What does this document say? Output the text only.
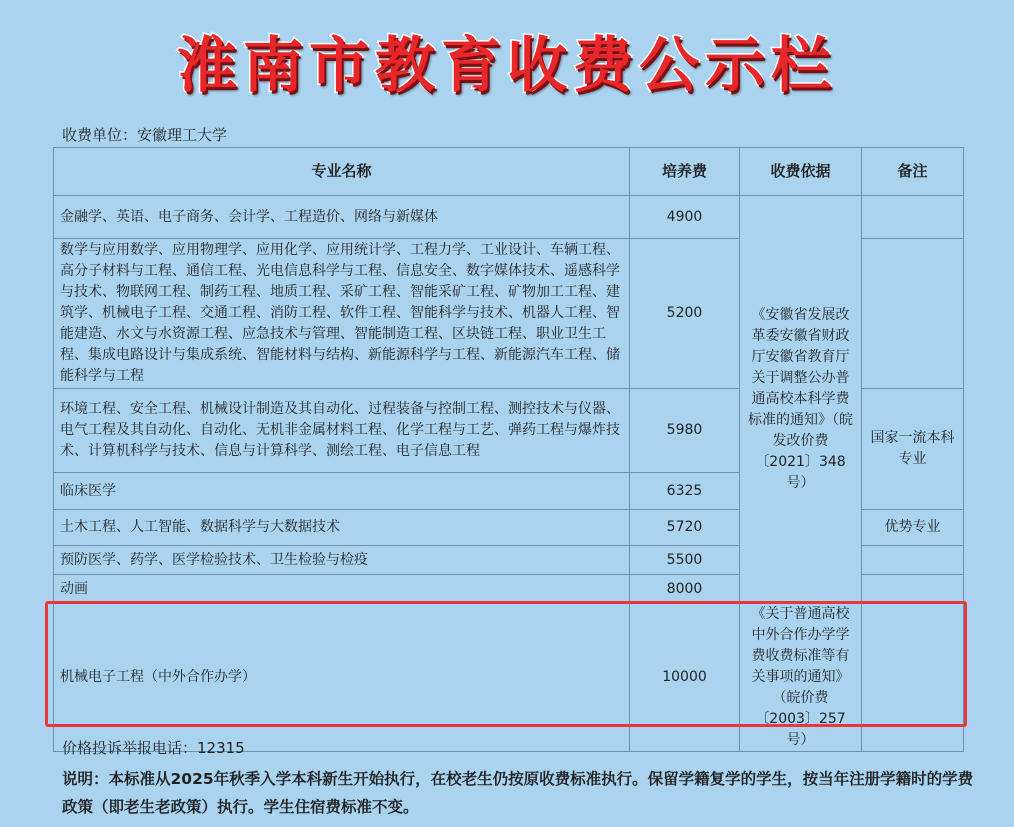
淮南市教育收费公示栏
收费单位：安徽理工大学
专业名称	培养费	收费依据	备注
金融学、英语、电子商务、会计学、工程造价、网络与新媒体	4900	《安徽省发展改革委安徽省财政厅安徽省教育厅关于调整公办普通高校本科学费标准的通知》（皖发改价费〔2021〕348 号）	
数学与应用数学、应用物理学、应用化学、应用统计学、工程力学、工业设计、车辆工程、高分子材料与工程、通信工程、光电信息科学与工程、信息安全、数字媒体技术、遥感科学与技术、物联网工程、制药工程、地质工程、采矿工程、智能采矿工程、矿物加工工程、建筑学、机械电子工程、交通工程、消防工程、软件工程、智能科学与技术、机器人工程、智能建造、水文与水资源工程、应急技术与管理、智能制造工程、区块链工程、职业卫生工程、集成电路设计与集成系统、智能材料与结构、新能源科学与工程、新能源汽车工程、储能科学与工程	5200		
环境工程、安全工程、机械设计制造及其自动化、过程装备与控制工程、测控技术与仪器、电气工程及其自动化、自动化、无机非金属材料工程、化学工程与工艺、弹药工程与爆炸技术、计算机科学与技术、信息与计算科学、测绘工程、电子信息工程	5980		国家一流本科专业
临床医学	6325		
土木工程、人工智能、数据科学与大数据技术	5720		优势专业
预防医学、药学、医学检验技术、卫生检验与检疫	5500		
动画	8000		
机械电子工程（中外合作办学）	10000	《关于普通高校中外合作办学学费收费标准等有关事项的通知》（皖价费〔2003〕257 号）	
价格投诉举报电话：12315
说明：本标准从2025年秋季入学本科新生开始执行，在校老生仍按原收费标准执行。保留学籍复学的学生，按当年注册学籍时的学费政策（即老生老政策）执行。学生住宿费标准不变。
